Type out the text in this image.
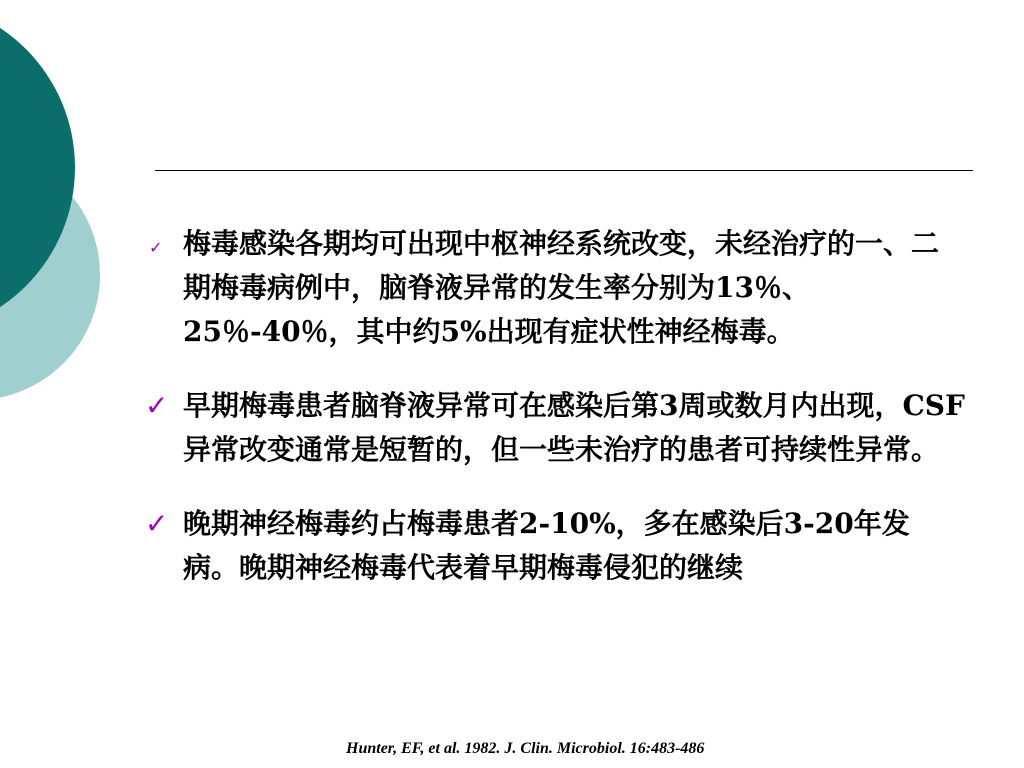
✓ 梅毒感染各期均可出现中枢神经系统改变，未经治疗的一、二期梅毒病例中，脑脊液异常的发生率分别为13％、25％-40％，其中约5%出现有症状性神经梅毒。
✓ 早期梅毒患者脑脊液异常可在感染后第3周或数月内出现，CSF异常改变通常是短暂的，但一些未治疗的患者可持续性异常。
✓ 晚期神经梅毒约占梅毒患者2-10%，多在感染后3-20年发病。晚期神经梅毒代表着早期梅毒侵犯的继续
Hunter, EF, et al. 1982. J. Clin. Microbiol. 16:483-486
